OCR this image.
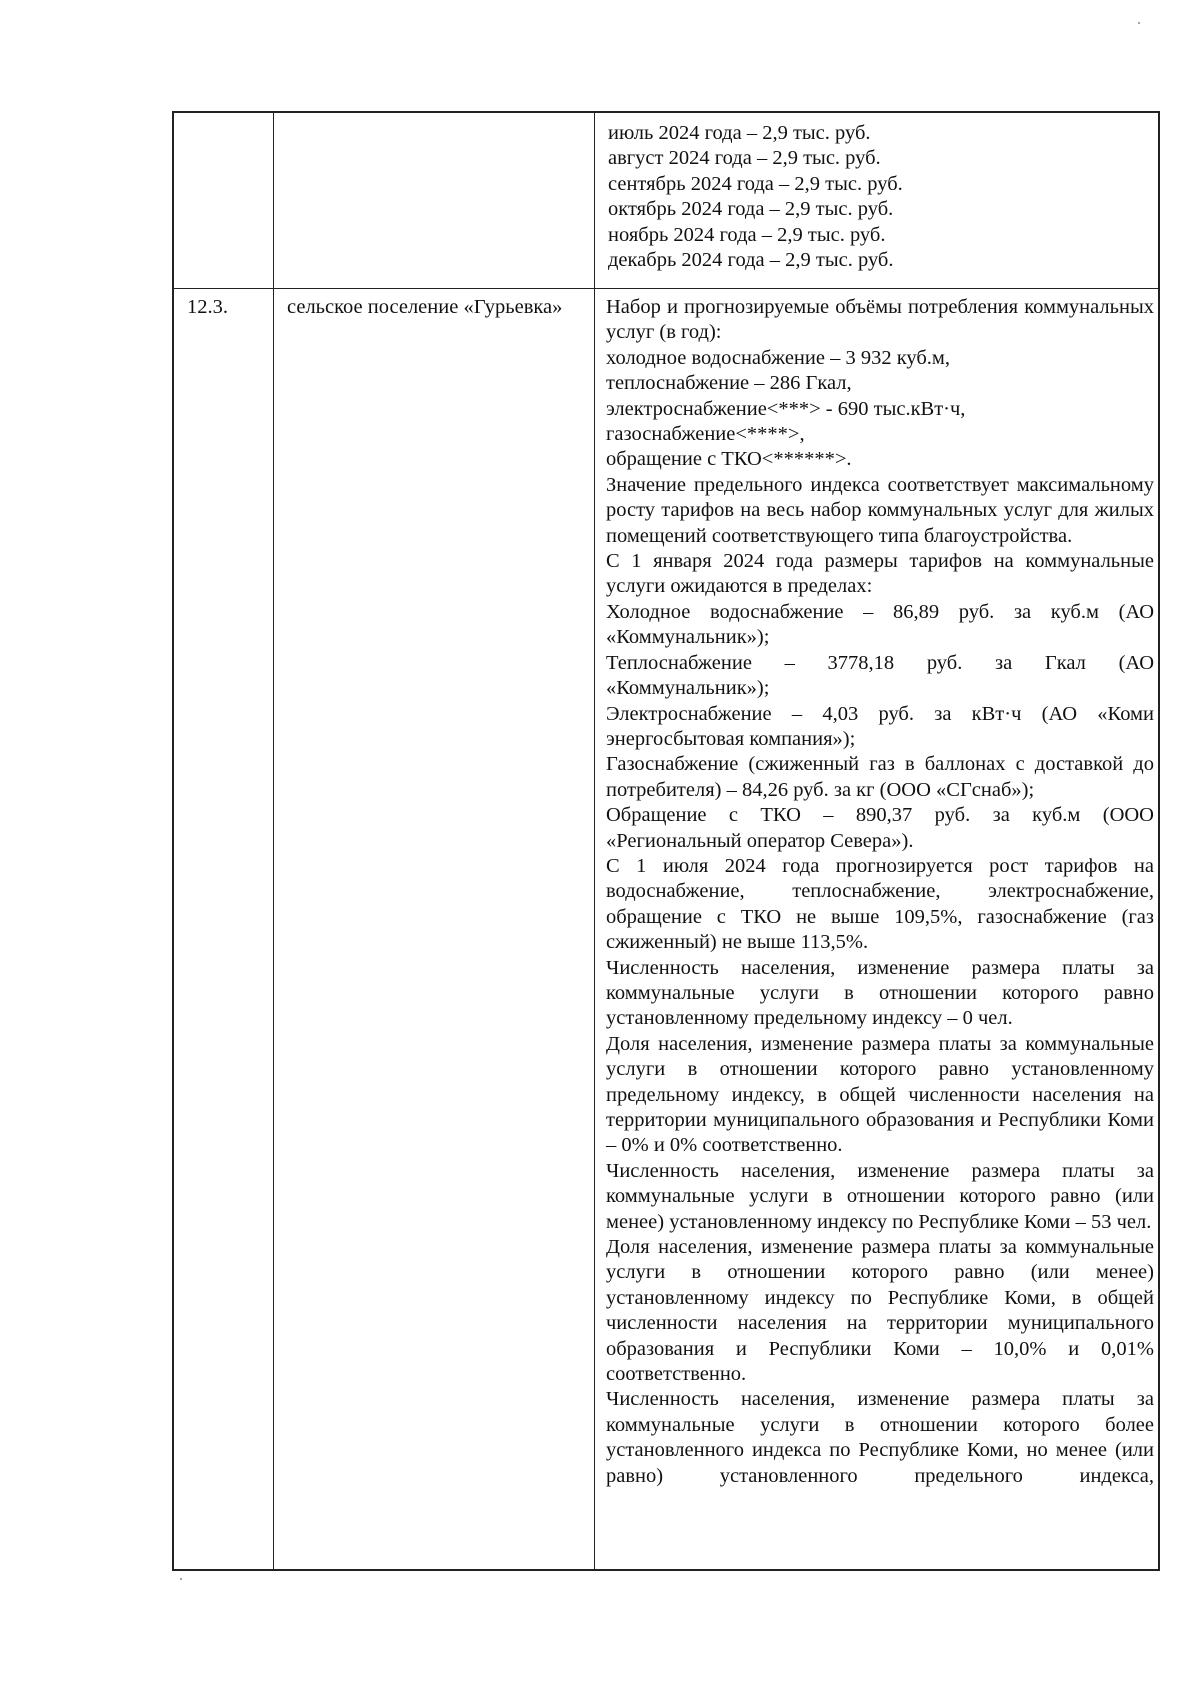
июль 2024 года – 2,9 тыс. руб.
август 2024 года – 2,9 тыс. руб.
сентябрь 2024 года – 2,9 тыс. руб.
октябрь 2024 года – 2,9 тыс. руб.
ноябрь 2024 года – 2,9 тыс. руб.
декабрь 2024 года – 2,9 тыс. руб.
12.3.	сельское поселение «Гурьевка» Набор и прогнозируемые объёмы потребления коммунальных услуг (в год):

холодное водоснабжение – 3 932 куб.м,

теплоснабжение – 286 Гкал,

электроснабжение<***> - 690 тыс.кВт·ч,

газоснабжение<****>,

обращение с ТКО<******>.

Значение предельного индекса соответствует максимальному росту тарифов на весь набор коммунальных услуг для жилых помещений соответствующего типа благоустройства.

С 1 января 2024 года размеры тарифов на коммунальные услуги ожидаются в пределах:

Холодное водоснабжение – 86,89 руб. за куб.м (АО «Коммунальник»);

Теплоснабжение – 3778,18 руб. за Гкал (АО «Коммунальник»);

Электроснабжение – 4,03 руб. за кВт·ч (АО «Коми энергосбытовая компания»);

Газоснабжение (сжиженный газ в баллонах с доставкой до потребителя) – 84,26 руб. за кг (ООО «СГснаб»);

Обращение с ТКО – 890,37 руб. за куб.м (ООО «Региональный оператор Севера»).

С 1 июля 2024 года прогнозируется рост тарифов на водоснабжение, теплоснабжение, электроснабжение, обращение с ТКО не выше 109,5%, газоснабжение (газ сжиженный) не выше 113,5%.

Численность населения, изменение размера платы за коммунальные услуги в отношении которого равно установленному предельному индексу – 0 чел.

Доля населения, изменение размера платы за коммунальные услуги в отношении которого равно установленному предельному индексу, в общей численности населения на территории муниципального образования и Республики Коми – 0% и 0% соответственно.

Численность населения, изменение размера платы за коммунальные услуги в отношении которого равно (или менее) установленному индексу по Республике Коми – 53 чел.

Доля населения, изменение размера платы за коммунальные услуги в отношении которого равно (или менее) установленному индексу по Республике Коми, в общей численности населения на территории муниципального образования и Республики Коми – 10,0% и 0,01% соответственно.

Численность населения, изменение размера платы за коммунальные услуги в отношении которого более установленного индекса по Республике Коми, но менее (или равно) установленного предельного индекса,
